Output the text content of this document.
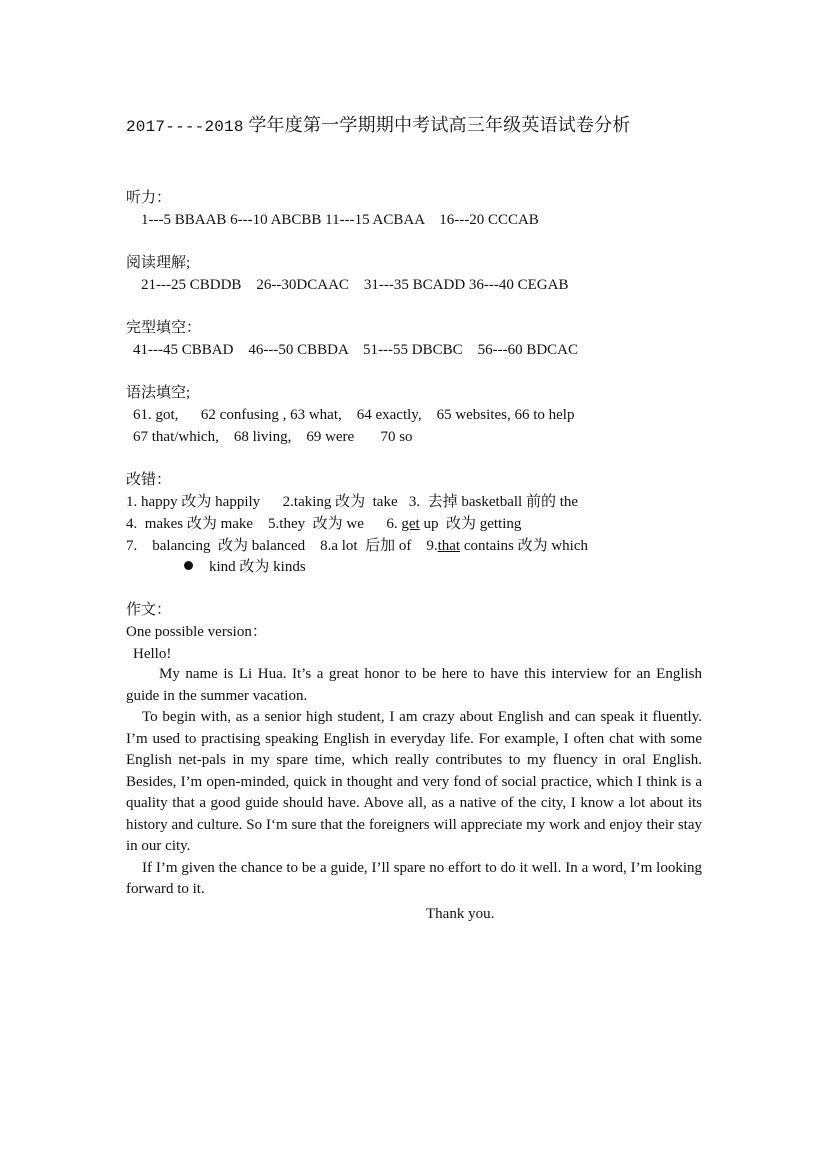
2017----2018 学年度第一学期期中考试高三年级英语试卷分析
听力：
1---5 BBAAB 6---10 ABCBB 11---15 ACBAA    16---20 CCCAB
阅读理解;
21---25 CBDDB    26--30DCAAC    31---35 BCADD 36---40 CEGAB
完型填空：
41---45 CBBAD    46---50 CBBDA    51---55 DBCBC    56---60 BDCAC
语法填空;
61. got,      62 confusing , 63 what,    64 exactly,    65 websites, 66 to help
67 that/which,    68 living,    69 were       70 so
改错：
1. happy 改为 happily      2.taking 改为  take   3.  去掉 basketball 前的 the
4.  makes 改为 make    5.they  改为 we      6. get up  改为 getting
7.    balancing  改为 balanced    8.a lot  后加 of    9.that contains 改为 which
kind 改为 kinds
作文：
One possible version：
Hello!

My name is Li Hua. It’s a great honor to be here to have this interview for an English guide in the summer vacation.

To begin with, as a senior high student, I am crazy about English and can speak it fluently. I’m used to practising speaking English in everyday life. For example, I often chat with some English net-pals in my spare time, which really contributes to my fluency in oral English. Besides, I’m open-minded, quick in thought and very fond of social practice, which I think is a quality that a good guide should have. Above all, as a native of the city, I know a lot about its history and culture. So I‘m sure that the foreigners will appreciate my work and enjoy their stay in our city.

If I’m given the chance to be a guide, I’ll spare no effort to do it well. In a word, I’m looking forward to it.

Thank you.
